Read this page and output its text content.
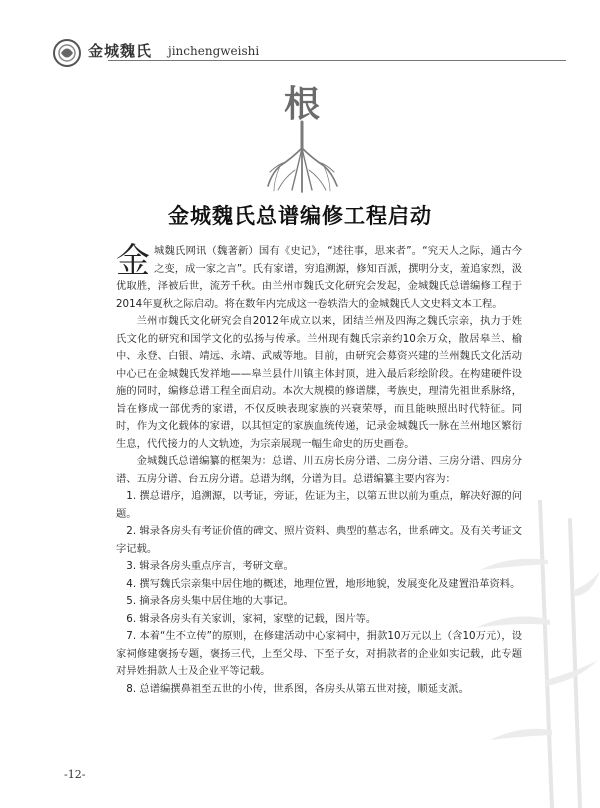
金城魏氏 jinchengweishi
根
金城魏氏总谱编修工程启动

金城魏氏网讯（魏著新）国有《史记》，“述往事，思来者”。“究天人之际，通古今之变，成一家之言”。氏有家谱，穷追溯源，修知百派，撰明分支，羞追家烈，汲优取胜，泽被后世，流芳千秋。由兰州市魏氏文化研究会发起，金城魏氏总谱编修工程于2014年夏秋之际启动。将在数年内完成这一卷轶浩大的金城魏氏人文史料文本工程。

兰州市魏氏文化研究会自2012年成立以来，团结兰州及四海之魏氏宗亲，执力于姓氏文化的研究和国学文化的弘扬与传承。兰州现有魏氏宗亲约10余万众，散居皋兰、榆中、永登、白银、靖远、永靖、武威等地。目前，由研究会募资兴建的兰州魏氏文化活动中心已在金城魏氏发祥地——皋兰县什川镇主体封顶，进入最后彩绘阶段。在构建硬件设施的同时，编修总谱工程全面启动。本次大规模的修谱牒，考族史，理清先祖世系脉络，旨在修成一部优秀的家谱，不仅反映表现家族的兴衰荣辱，而且能映照出时代特征。同时，作为文化载体的家谱，以其恒定的家族血统传递，记录金城魏氏一脉在兰州地区繁衍生息，代代接力的人文轨迹，为宗亲展现一幅生命史的历史画卷。

金城魏氏总谱编纂的框架为：总谱、川五房长房分谱、二房分谱、三房分谱、四房分谱、五房分谱、台五房分谱。总谱为纲，分谱为目。总谱编纂主要内容为：

1. 撰总谱序，追溯源，以考证，旁证，佐证为主，以第五世以前为重点，解决好源的问题。

2. 辑录各房头有考证价值的碑文、照片资料、典型的墓志名，世系碑文。及有关考证文字记载。

3. 辑录各房头重点序言，考研文章。

4. 撰写魏氏宗亲集中居住地的概述，地理位置，地形地貌，发展变化及建置沿革资料。

5. 摘录各房头集中居住地的大事记。

6. 辑录各房头有关家训，家祠，家壁的记载，图片等。

7. 本着“生不立传”的原则，在修建活动中心家祠中，捐款10万元以上（含10万元），设家祠修建褒扬专题，褒扬三代，上至父母、下至子女，对捐款者的企业如实记载，此专题对异姓捐款人士及企业平等记载。

8. 总谱编撰鼻祖至五世的小传，世系图，各房头从第五世对接，顺延支派。

-12-
